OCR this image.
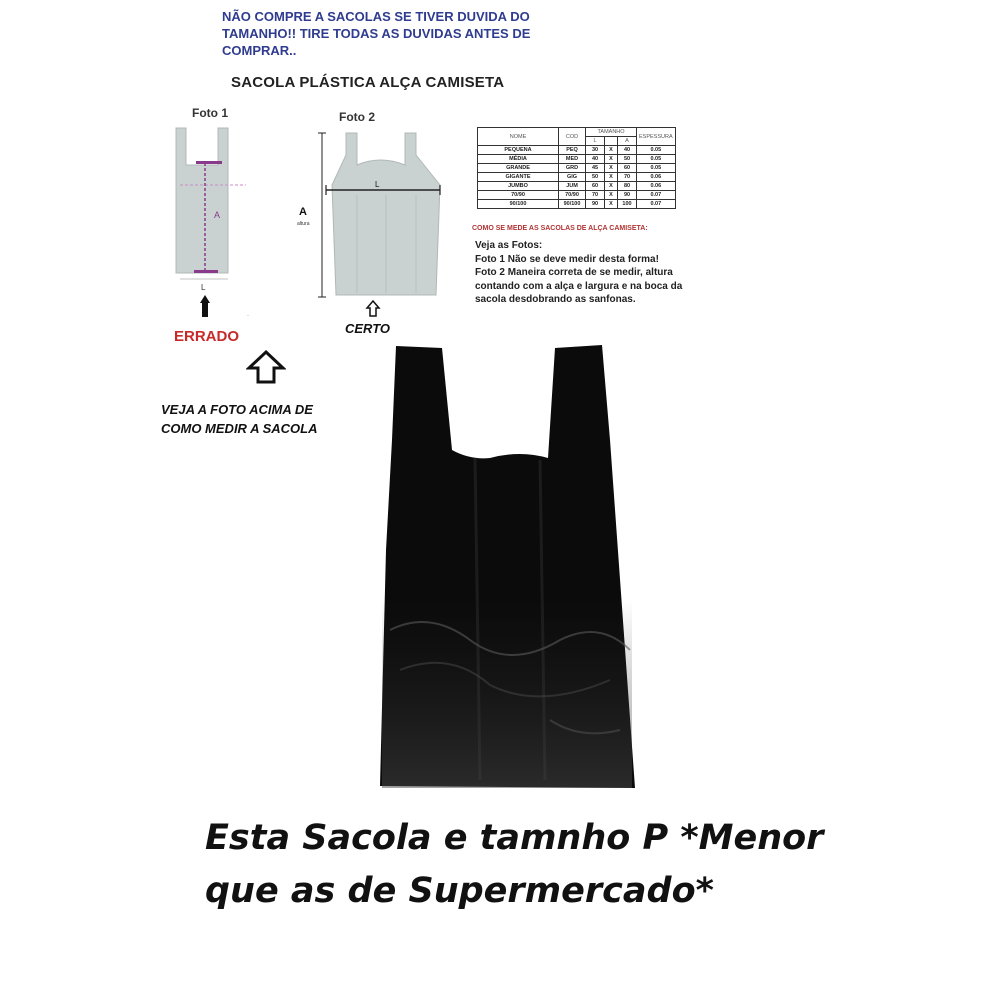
NÃO COMPRE A SACOLAS SE TIVER DUVIDA DO TAMANHO!! TIRE TODAS AS DUVIDAS ANTES DE COMPRAR..
SACOLA PLÁSTICA ALÇA CAMISETA
Foto 1	Foto 2
A
L
·
L
A
altura
ERRADO	CERTO
VEJA A FOTO ACIMA DE COMO MEDIR A SACOLA
NOME	COD	TAMANHO			ESPESSURA
		L		A	
PEQUENA	PEQ	30	X	40	0.05
MÉDIA	MED	40	X	50	0.05
GRANDE	GRD	45	X	60	0.05
GIGANTE	GIG	50	X	70	0.06
JUMBO	JUM	60	X	80	0.06
70/90	70/90	70	X	90	0.07
90/100	90/100	90	X	100	0.07
COMO SE MEDE AS SACOLAS DE ALÇA CAMISETA:

Veja as Fotos:

Foto 1 Não se deve medir desta forma!

Foto 2 Maneira correta de se medir, altura contando com a alça e largura e na boca da sacola desdobrando as sanfonas.

Esta Sacola e tamnho P *Menor que as de Supermercado*
